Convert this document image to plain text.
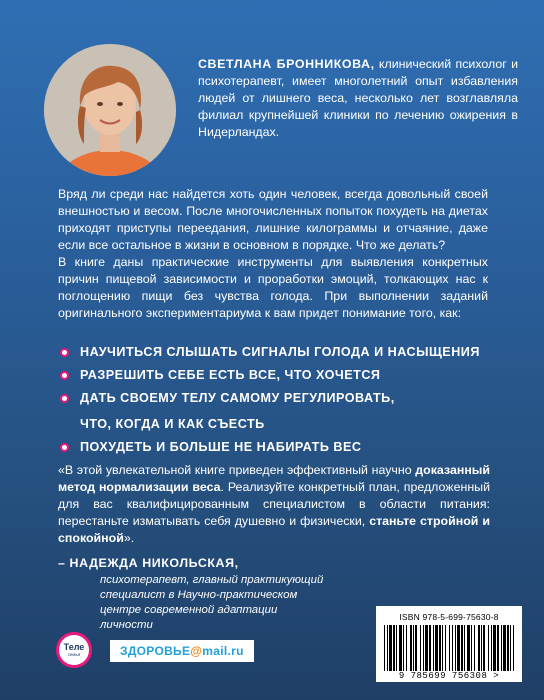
СВЕТЛАНА БРОННИКОВА, клинический психолог и психотерапевт, имеет многолетний опыт избавления людей от лишнего веса, несколько лет возглавляла филиал крупнейшей клиники по лечению ожирения в Нидерландах.

Вряд ли среди нас найдется хоть один человек, всегда довольный своей внешностью и весом. После многочисленных попыток похудеть на диетах приходят приступы переедания, лишние килограммы и отчаяние, даже если все остальное в жизни в основном в порядке. Что же делать?

В книге даны практические инструменты для выявления конкретных причин пищевой зависимости и проработки эмоций, толкающих нас к поглощению пищи без чувства голода. При выполнении заданий оригинального экспериментариума к вам придет понимание того, как:

НАУЧИТЬСЯ СЛЫШАТЬ СИГНАЛЫ ГОЛОДА И НАСЫЩЕНИЯ
РАЗРЕШИТЬ СЕБЕ ЕСТЬ ВСЕ, ЧТО ХОЧЕТСЯ
ДАТЬ СВОЕМУ ТЕЛУ САМОМУ РЕГУЛИРОВАТЬ,
ЧТО, КОГДА И КАК СЪЕСТЬ
ПОХУДЕТЬ И БОЛЬШЕ НЕ НАБИРАТЬ ВЕС

«В этой увлекательной книге приведен эффективный научно доказанный метод нормализации веса. Реализуйте конкретный план, предложенный для вас квалифицированным специалистом в области питания: перестаньте изматывать себя душевно и физически, станьте стройной и спокойной».

– НАДЕЖДА НИКОЛЬСКАЯ,
психотерапевт, главный практикующий специалист в Научно-практическом центре современной адаптации личности
Теле
семья	ЗДОРОВЬЕ @ mail.ru
ISBN 978-5-699-75630-8
9 785699 756308 >
